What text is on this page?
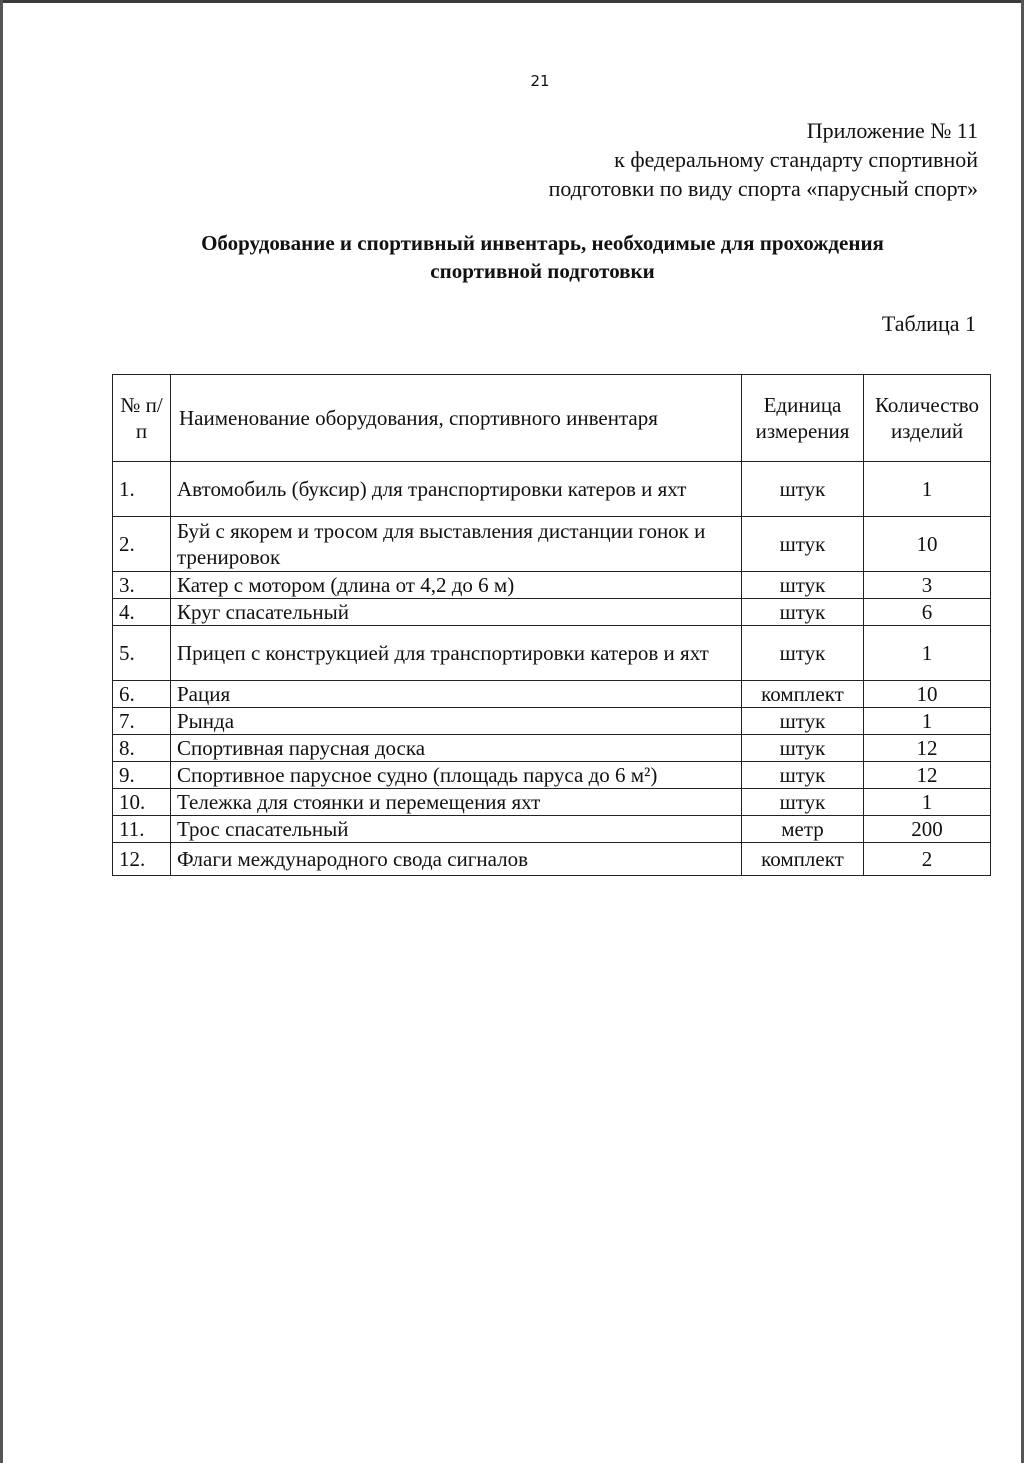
21
Приложение № 11
к федеральному стандарту спортивной
подготовки по виду спорта «парусный спорт»
Оборудование и спортивный инвентарь, необходимые для прохождения
спортивной подготовки
Таблица 1
№ п/п	Наименование оборудования, спортивного инвентаря	Единица измерения	Количество изделий
1.	Автомобиль (буксир) для транспортировки катеров и яхт	штук	1
2.	Буй с якорем и тросом для выставления дистанции гонок и тренировок	штук	10
3.	Катер с мотором (длина от 4,2 до 6 м)	штук	3
4.	Круг спасательный	штук	6
5.	Прицеп с конструкцией для транспортировки катеров и яхт	штук	1
6.	Рация	комплект	10
7.	Рында	штук	1
8.	Спортивная парусная доска	штук	12
9.	Спортивное парусное судно (площадь паруса до 6 м²)	штук	12
10.	Тележка для стоянки и перемещения яхт	штук	1
11.	Трос спасательный	метр	200
12.	Флаги международного свода сигналов	комплект	2
